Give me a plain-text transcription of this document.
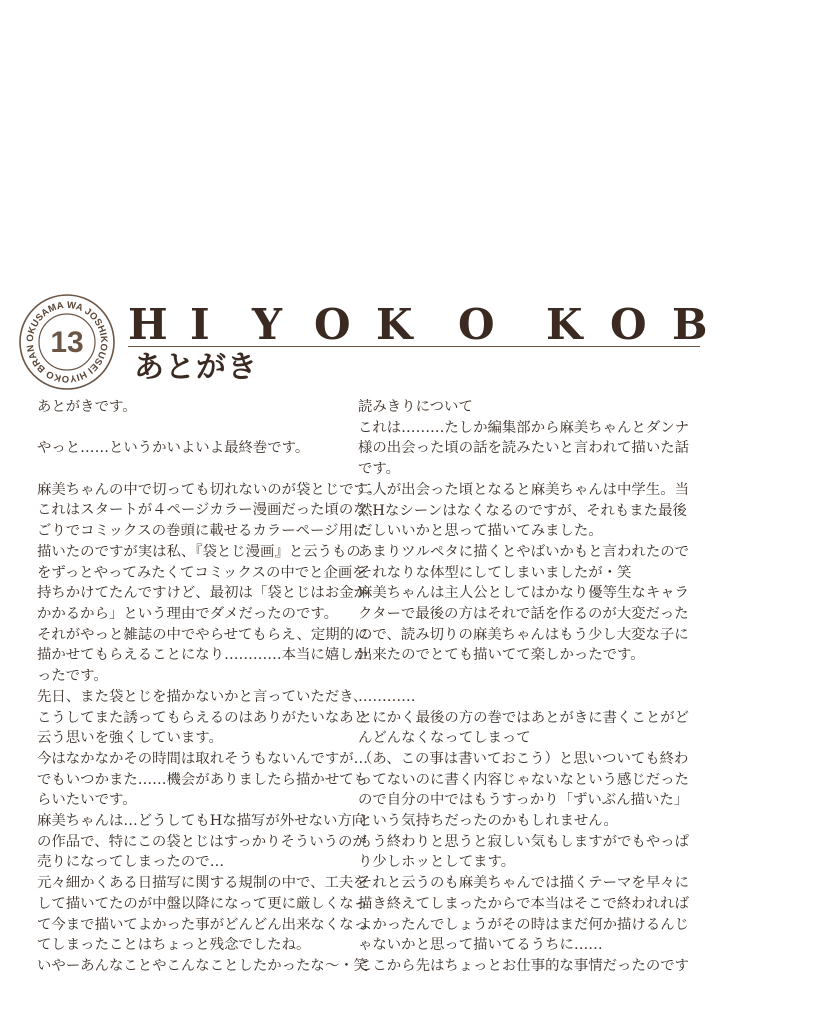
OKUSAMA WA JOSHIKOUSEI HIYOKO BRAN 13 H I Y O K O K O B
あとがき

あとがきです。

やっと……というかいよいよ最終巻です。

麻美ちゃんの中で切っても切れないのが袋とじです。

これはスタートが４ページカラー漫画だった頃のな

ごりでコミックスの巻頭に載せるカラーページ用に

描いたのですが実は私、『袋とじ漫画』と云うもの

をずっとやってみたくてコミックスの中でと企画を

持ちかけてたんですけど、最初は「袋とじはお金が

かかるから」という理由でダメだったのです。

それがやっと雑誌の中でやらせてもらえ、定期的に

描かせてもらえることになり…………本当に嬉しか

ったです。

先日、また袋とじを描かないかと言っていただき、

こうしてまた誘ってもらえるのはありがたいなあと

云う思いを強くしています。

今はなかなかその時間は取れそうもないんですが…

でもいつかまた……機会がありましたら描かせても

らいたいです。

麻美ちゃんは…どうしてもHな描写が外せない方向

の作品で、特にこの袋とじはすっかりそういうのが

売りになってしまったので…

元々細かくある日描写に関する規制の中で、工夫を

して描いてたのが中盤以降になって更に厳しくなっ

て今まで描いてよかった事がどんどん出来なくなっ

てしまったことはちょっと残念でしたね。

いやーあんなことやこんなことしたかったな～・笑

読みきりについて

これは………たしか編集部から麻美ちゃんとダンナ

様の出会った頃の話を読みたいと言われて描いた話

です。

二人が出会った頃となると麻美ちゃんは中学生。当

然Hなシーンはなくなるのですが、それもまた最後

だしいいかと思って描いてみました。

あまりツルペタに描くとやばいかもと言われたので

それなりな体型にしてしまいましたが・笑

麻美ちゃんは主人公としてはかなり優等生なキャラ

クターで最後の方はそれで話を作るのが大変だった

ので、読み切りの麻美ちゃんはもう少し大変な子に

出来たのでとても描いてて楽しかったです。

…………

とにかく最後の方の巻ではあとがきに書くことがど

んどんなくなってしまって

（あ、この事は書いておこう）と思いついても終わ

ってないのに書く内容じゃないなという感じだった

ので自分の中ではもうすっかり「ずいぶん描いた」

という気持ちだったのかもしれません。

もう終わりと思うと寂しい気もしますがでもやっぱ

り少しホッとしてます。

それと云うのも麻美ちゃんでは描くテーマを早々に

描き終えてしまったからで本当はそこで終われれば

よかったんでしょうがその時はまだ何か描けるんじ

ゃないかと思って描いてるうちに……

ここから先はちょっとお仕事的な事情だったのです
